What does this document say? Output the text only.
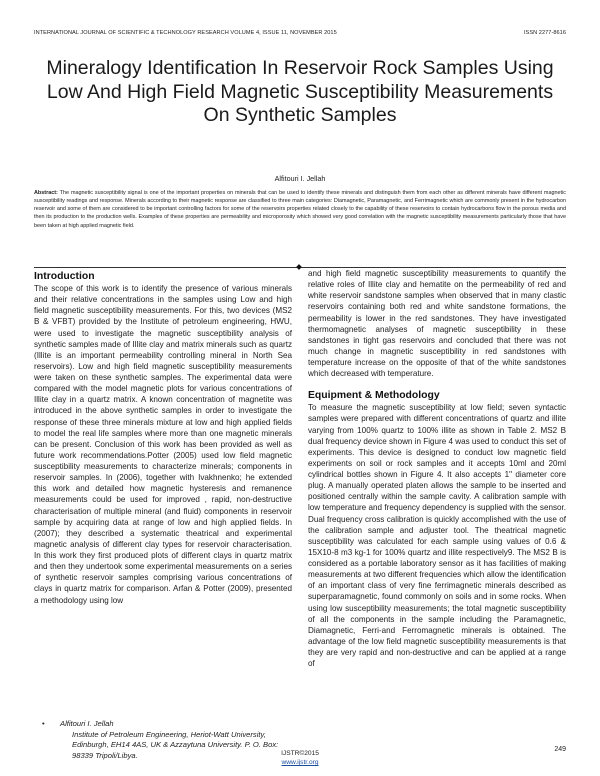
INTERNATIONAL JOURNAL OF SCIENTIFIC & TECHNOLOGY RESEARCH VOLUME 4, ISSUE 11, NOVEMBER 2015	ISSN 2277-8616
Mineralogy Identification In Reservoir Rock Samples Using Low And High Field Magnetic Susceptibility Measurements On Synthetic Samples
Alfitouri I. Jellah
Abstract: The magnetic susceptibility signal is one of the important properties on minerals that can be used to identify these minerals and distinguish them from each other as different minerals have different magnetic susceptibility readings and response. Minerals according to their magnetic response are classified to three main categories: Diamagnetic, Paramagnetic, and Ferrimagnetic which are commonly present in the hydrocarbon reservoir and some of them are considered to be important controlling factors for some of the reservoirs properties related closely to the capability of these reservoirs to contain hydrocarbons flow in the porous media and then its production to the production wells. Examples of these properties are permeability and microporosity which showed very good correlation with the magnetic susceptibility measurements particularly those that have been taken at high applied magnetic field.
Introduction

The scope of this work is to identify the presence of various minerals and their relative concentrations in the samples using Low and high field magnetic susceptibility measurements. For this, two devices (MS2 B & VFBT) provided by the Institute of petroleum engineering, HWU, were used to investigate the magnetic susceptibility analysis of synthetic samples made of Illite clay and matrix minerals such as quartz (Illite is an important permeability controlling mineral in North Sea reservoirs). Low and high field magnetic susceptibility measurements were taken on these synthetic samples. The experimental data were compared with the model magnetic plots for various concentrations of Illite clay in a quartz matrix. A known concentration of magnetite was introduced in the above synthetic samples in order to investigate the response of these three minerals mixture at low and high applied fields to model the real life samples where more than one magnetic minerals can be present. Conclusion of this work has been provided as well as future work recommendations.Potter (2005) used low field magnetic susceptibility measurements to characterize minerals; components in reservoir samples. In (2006), together with Ivakhnenko; he extended this work and detailed how magnetic hysteresis and remanence measurements could be used for improved , rapid, non-destructive characterisation of multiple mineral (and fluid) components in reservoir sample by acquiring data at range of low and high applied fields. In (2007); they described a systematic theatrical and experimental magnetic analysis of different clay types for reservoir characterisation. In this work they first produced plots of different clays in quartz matrix and then they undertook some experimental measurements on a series of synthetic reservoir samples comprising various concentrations of clays in quartz matrix for comparison. Arfan & Potter (2009), presented a methodology using low

and high field magnetic susceptibility measurements to quantify the relative roles of Illite clay and hematite on the permeability of red and white reservoir sandstone samples when observed that in many clastic reservoirs containing both red and white sandstone formations, the permeability is lower in the red sandstones. They have investigated thermomagnetic analyses of magnetic susceptibility in these sandstones in tight gas reservoirs and concluded that there was not much change in magnetic susceptibility in red sandstones with temperature increase on the opposite of that of the white sandstones which decreased with temperature.

Equipment & Methodology

To measure the magnetic susceptibility at low field; seven syntactic samples were prepared with different concentrations of quartz and illite varying from 100% quartz to 100% illite as shown in Table 2. MS2 B dual frequency device shown in Figure 4 was used to conduct this set of experiments. This device is designed to conduct low magnetic field experiments on soil or rock samples and it accepts 10ml and 20ml cylindrical bottles shown in Figure 4. It also accepts 1" diameter core plug. A manually operated platen allows the sample to be inserted and positioned centrally within the sample cavity. A calibration sample with low temperature and frequency dependency is supplied with the sensor. Dual frequency cross calibration is quickly accomplished with the use of the calibration sample and adjuster tool. The theatrical magnetic susceptibility was calculated for each sample using values of 0.6 & 15X10-8 m3 kg-1 for 100% quartz and illite respectively9. The MS2 B is considered as a portable laboratory sensor as it has facilities of making measurements at two different frequencies which allow the identification of an important class of very fine ferrimagnetic minerals described as superparamagnetic, found commonly on soils and in some rocks. When using low susceptibility measurements; the total magnetic susceptibility of all the components in the sample including the Paramagnetic, Diamagnetic, Ferri-and Ferromagnetic minerals is obtained. The advantage of the low field magnetic susceptibility measurements is that they are very rapid and non-destructive and can be applied at a range of

• Alfitouri I. Jellah
Institute of Petroleum Engineering, Heriot-Watt University, Edinburgh, EH14 4AS, UK & Azzaytuna University. P. O. Box: 98339 Tripoli/Libya.
249
IJSTR©2015
www.ijstr.org
